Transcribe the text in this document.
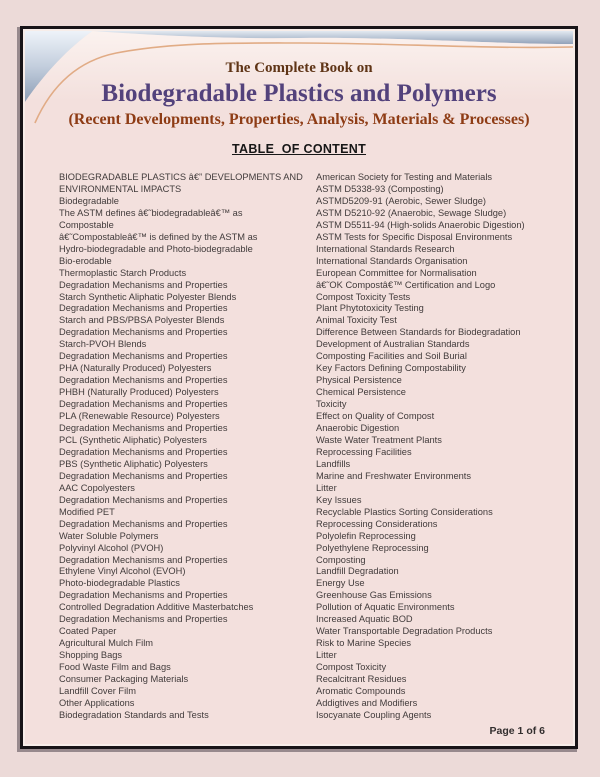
The Complete Book on
Biodegradable Plastics and Polymers
(Recent Developments, Properties, Analysis, Materials & Processes)
TABLE  OF CONTENT
BIODEGRADABLE PLASTICS â€” DEVELOPMENTS AND
ENVIRONMENTAL IMPACTS
Biodegradable
The ASTM defines â€˜biodegradableâ€™ as
Compostable
â€˜Compostableâ€™ is defined by the ASTM as
Hydro-biodegradable and Photo-biodegradable
Bio-erodable
Thermoplastic Starch Products
Degradation Mechanisms and Properties
Starch Synthetic Aliphatic Polyester Blends
Degradation Mechanisms and Properties
Starch and PBS/PBSA Polyester Blends
Degradation Mechanisms and Properties
Starch-PVOH Blends
Degradation Mechanisms and Properties
PHA (Naturally Produced) Polyesters
Degradation Mechanisms and Properties
PHBH (Naturally Produced) Polyesters
Degradation Mechanisms and Properties
PLA (Renewable Resource) Polyesters
Degradation Mechanisms and Properties
PCL (Synthetic Aliphatic) Polyesters
Degradation Mechanisms and Properties
PBS (Synthetic Aliphatic) Polyesters
Degradation Mechanisms and Properties
AAC Copolyesters
Degradation Mechanisms and Properties
Modified PET
Degradation Mechanisms and Properties
Water Soluble Polymers
Polyvinyl Alcohol (PVOH)
Degradation Mechanisms and Properties
Ethylene Vinyl Alcohol (EVOH)
Photo-biodegradable Plastics
Degradation Mechanisms and Properties
Controlled Degradation Additive Masterbatches
Degradation Mechanisms and Properties
Coated Paper
Agricultural Mulch Film
Shopping Bags
Food Waste Film and Bags
Consumer Packaging Materials
Landfill Cover Film
Other Applications
Biodegradation Standards and Tests
American Society for Testing and Materials
ASTM D5338-93 (Composting)
ASTMD5209-91 (Aerobic, Sewer Sludge)
ASTM D5210-92 (Anaerobic, Sewage Sludge)
ASTM D5511-94 (High-solids Anaerobic Digestion)
ASTM Tests for Specific Disposal Environments
International Standards Research
International Standards Organisation
European Committee for Normalisation
â€˜OK Compostâ€™ Certification and Logo
Compost Toxicity Tests
Plant Phytotoxicity Testing
Animal Toxicity Test
Difference Between Standards for Biodegradation
Development of Australian Standards
Composting Facilities and Soil Burial
Key Factors Defining Compostability
Physical Persistence
Chemical Persistence
Toxicity
Effect on Quality of Compost
Anaerobic Digestion
Waste Water Treatment Plants
Reprocessing Facilities
Landfills
Marine and Freshwater Environments
Litter
Key Issues
Recyclable Plastics Sorting Considerations
Reprocessing Considerations
Polyolefin Reprocessing
Polyethylene Reprocessing
Composting
Landfill Degradation
Energy Use
Greenhouse Gas Emissions
Pollution of Aquatic Environments
Increased Aquatic BOD
Water Transportable Degradation Products
Risk to Marine Species
Litter
Compost Toxicity
Recalcitrant Residues
Aromatic Compounds
Addigtives and Modifiers
Isocyanate Coupling Agents
Page 1 of 6
